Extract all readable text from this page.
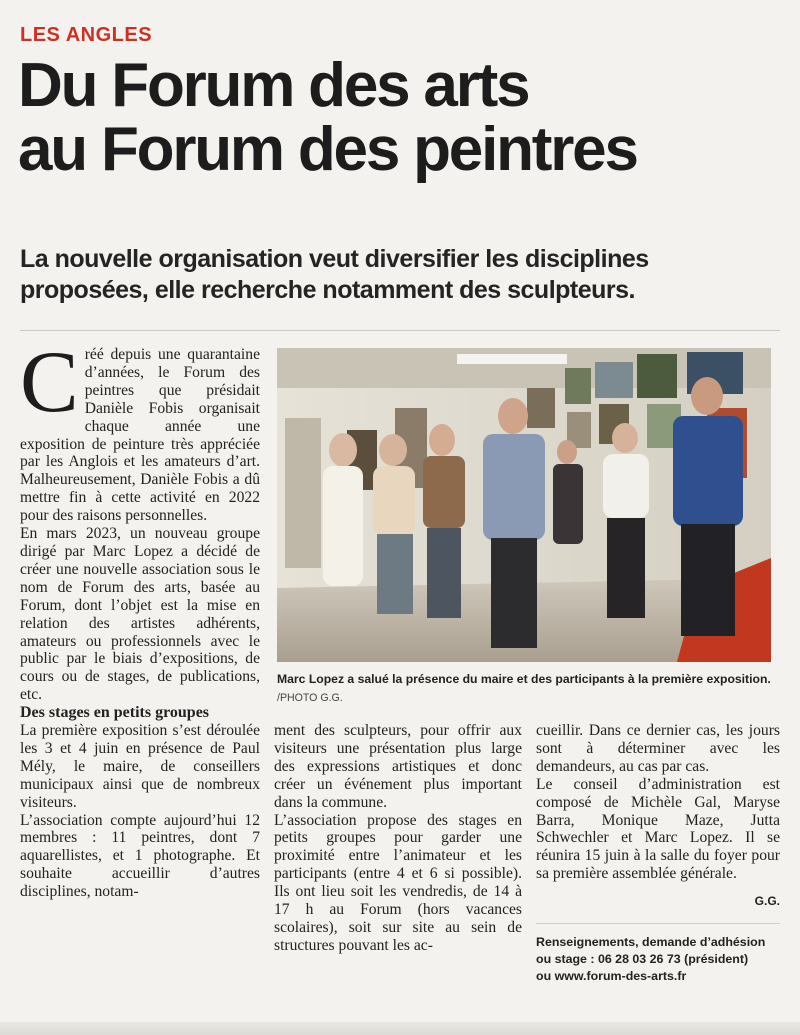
LES ANGLES
Du Forum des arts
au Forum des peintres
La nouvelle organisation veut diversifier les disciplines
proposées, elle recherche notamment des sculpteurs.

Créé depuis une quarantaine d’années, le Forum des peintres que présidait Danièle Fobis organisait chaque année une exposition de peinture très appréciée par les Anglois et les amateurs d’art. Malheureusement, Danièle Fobis a dû mettre fin à cette activité en 2022 pour des raisons personnelles.

En mars 2023, un nouveau groupe dirigé par Marc Lopez a décidé de créer une nouvelle association sous le nom de Forum des arts, basée au Forum, dont l’objet est la mise en relation des artistes adhérents, amateurs ou professionnels avec le public par le biais d’expositions, de cours ou de stages, de publications, etc.

Des stages en petits groupes

La première exposition s’est déroulée les 3 et 4 juin en présence de Paul Mély, le maire, de conseillers municipaux ainsi que de nombreux visiteurs.

L’association compte aujourd’hui 12 membres : 11 peintres, dont 7 aquarellistes, et 1 photographe. Et souhaite accueillir d’autres disciplines, notam-

Marc Lopez a salué la présence du maire et des participants à la première exposition. /PHOTO G.G.

ment des sculpteurs, pour offrir aux visiteurs une présentation plus large des expressions artistiques et donc créer un événement plus important dans la commune.

L’association propose des stages en petits groupes pour garder une proximité entre l’animateur et les participants (entre 4 et 6 si possible). Ils ont lieu soit les vendredis, de 14 à 17 h au Forum (hors vacances scolaires), soit sur site au sein de structures pouvant les ac-

cueillir. Dans ce dernier cas, les jours sont à déterminer avec les demandeurs, au cas par cas.

Le conseil d’administration est composé de Michèle Gal, Maryse Barra, Monique Maze, Jutta Schwechler et Marc Lopez. Il se réunira 15 juin à la salle du foyer pour sa première assemblée générale.

G.G.
Renseignements, demande d’adhésion
ou stage : 06 28 03 26 73 (président)
ou www.forum-des-arts.fr
